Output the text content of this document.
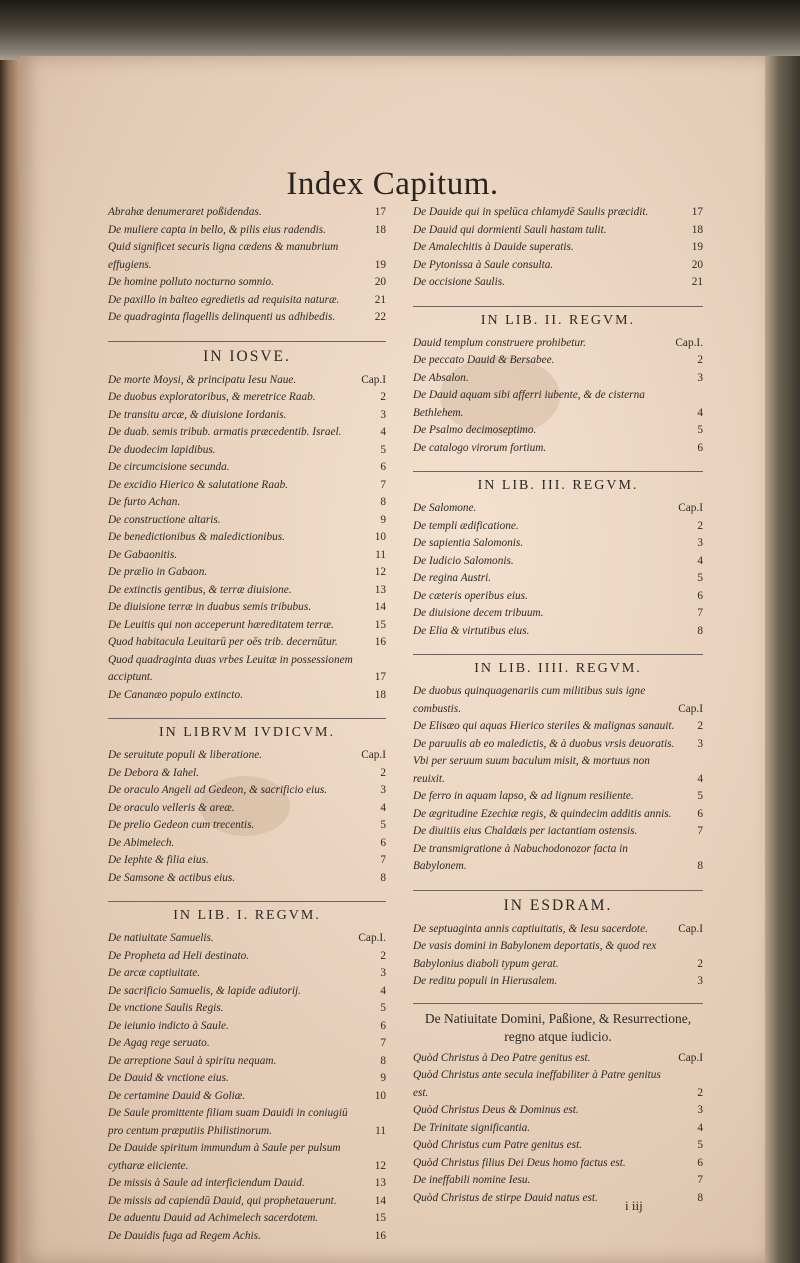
Index Capitum.
Abrahæ denumeraret poßidendas.	17
De muliere capta in bello, & pilis eius radendis.	18
Quid significet securis ligna cædens & manubrium effugiens.	19
De homine polluto nocturno somnio.	20
De paxillo in balteo egredietis ad requisita naturæ.	21
De quadraginta flagellis delinquenti us adhibedis.	22
IN IOSVE.
De morte Moysi, & principatu Iesu Naue.	Cap.I
De duobus exploratoribus, & meretrice Raab.	2
De transitu arcæ, & diuisione Iordanis.	3
De duab. semis tribub. armatis præcedentib. Israel.	4
De duodecim lapidibus.	5
De circumcisione secunda.	6
De excidio Hierico & salutatione Raab.	7
De furto Achan.	8
De constructione altaris.	9
De benedictionibus & maledictionibus.	10
De Gabaonitis.	11
De prælio in Gabaon.	12
De extinctis gentibus, & terræ diuisione.	13
De diuisione terræ in duabus semis tribubus.	14
De Leuitis qui non acceperunt hæreditatem terræ.	15
Quod habitacula Leuitarū per oēs trib. decernūtur.	16
Quod quadraginta duas vrbes Leuitæ in possessionem acciptunt.	17
De Cananæo populo extincto.	18
IN LIBRVM IVDICVM.
De seruitute populi & liberatione.	Cap.I
De Debora & Iahel.	2
De oraculo Angeli ad Gedeon, & sacrificio eius.	3
De oraculo velleris & areæ.	4
De prelio Gedeon cum trecentis.	5
De Abimelech.	6
De Iephte & filia eius.	7
De Samsone & actibus eius.	8
IN LIB. I. REGVM.
De natiuitate Samuelis.	Cap.I.
De Propheta ad Heli destinato.	2
De arcæ captiuitate.	3
De sacrificio Samuelis, & lapide adiutorij.	4
De vnctione Saulis Regis.	5
De ieiunio indicto à Saule.	6
De Agag rege seruato.	7
De arreptione Saul à spiritu nequam.	8
De Dauid & vnctione eius.	9
De certamine Dauid & Goliæ.	10
De Saule promittente filiam suam Dauidi in coniugiū pro centum præputiis Philistinorum.	11
De Dauide spiritum immundum à Saule per pulsum cytharæ eiiciente.	12
De missis à Saule ad interficiendum Dauid.	13
De missis ad capiendū Dauid, qui prophetauerunt.	14
De aduentu Dauid ad Achimelech sacerdotem.	15
De Dauidis fuga ad Regem Achis.	16
De Dauide qui in spelūca chlamydē Saulis præcidit.	17
De Dauid qui dormienti Sauli hastam tulit.	18
De Amalechitis à Dauide superatis.	19
De Pytonissa à Saule consulta.	20
De occisione Saulis.	21
IN LIB. II. REGVM.
Dauid templum construere prohibetur.	Cap.I.
De peccato Dauid & Bersabee.	2
De Absalon.	3
De Dauid aquam sibi afferri iubente, & de cisterna Bethlehem.	4
De Psalmo decimoseptimo.	5
De catalogo virorum fortium.	6
IN LIB. III. REGVM.
De Salomone.	Cap.I
De templi ædificatione.	2
De sapientia Salomonis.	3
De Iudicio Salomonis.	4
De regina Austri.	5
De cæteris operibus eius.	6
De diuisione decem tribuum.	7
De Elia & virtutibus eius.	8
IN LIB. IIII. REGVM.
De duobus quinquagenariis cum militibus suis igne combustis.	Cap.I
De Elisæo qui aquas Hierico steriles & malignas sanauit.	2
De paruulis ab eo maledictis, & à duobus vrsis deuoratis.	3
Vbi per seruum suum baculum misit, & mortuus non reuixit.	4
De ferro in aquam lapso, & ad lignum resiliente.	5
De ægritudine Ezechiæ regis, & quindecim additis annis.	6
De diuitiis eius Chaldæis per iactantiam ostensis.	7
De transmigratione à Nabuchodonozor facta in Babylonem.	8
IN ESDRAM.
De septuaginta annis captiuitatis, & Iesu sacerdote.	Cap.I
De vasis domini in Babylonem deportatis, & quod rex Babylonius diaboli typum gerat.	2
De reditu populi in Hierusalem.	3
De Natiuitate Domini, Paßione, & Resurrectione, regno atque iudicio.
Quòd Christus à Deo Patre genitus est.	Cap.I
Quòd Christus ante secula ineffabiliter à Patre genitus est.	2
Quòd Christus Deus & Dominus est.	3
De Trinitate significantia.	4
Quòd Christus cum Patre genitus est.	5
Quòd Christus filius Dei Deus homo factus est.	6
De ineffabili nomine Iesu.	7
Quòd Christus de stirpe Dauid natus est.	8
i iij
